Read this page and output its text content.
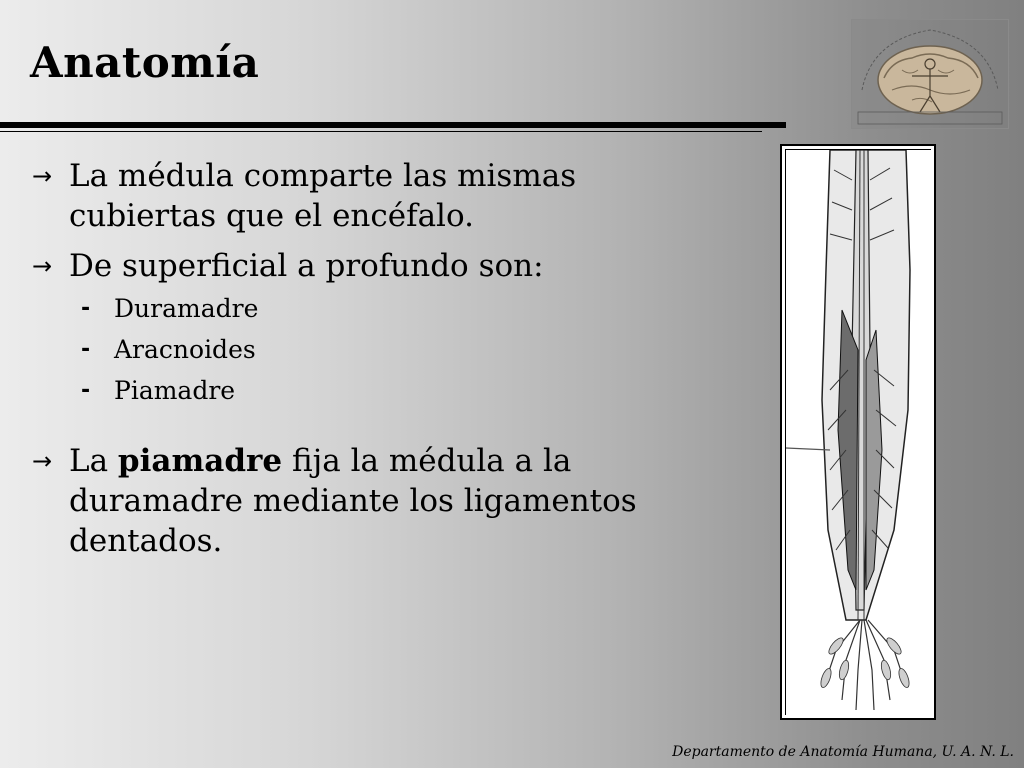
Anatomía
→ La médula comparte las mismas
cubiertas que el encéfalo.
→ De superficial a profundo son:
- Duramadre
- Aracnoides
- Piamadre
→ La piamadre fija la médula a la
duramadre mediante los ligamentos
dentados.
Departamento de Anatomía Humana, U. A. N. L.
